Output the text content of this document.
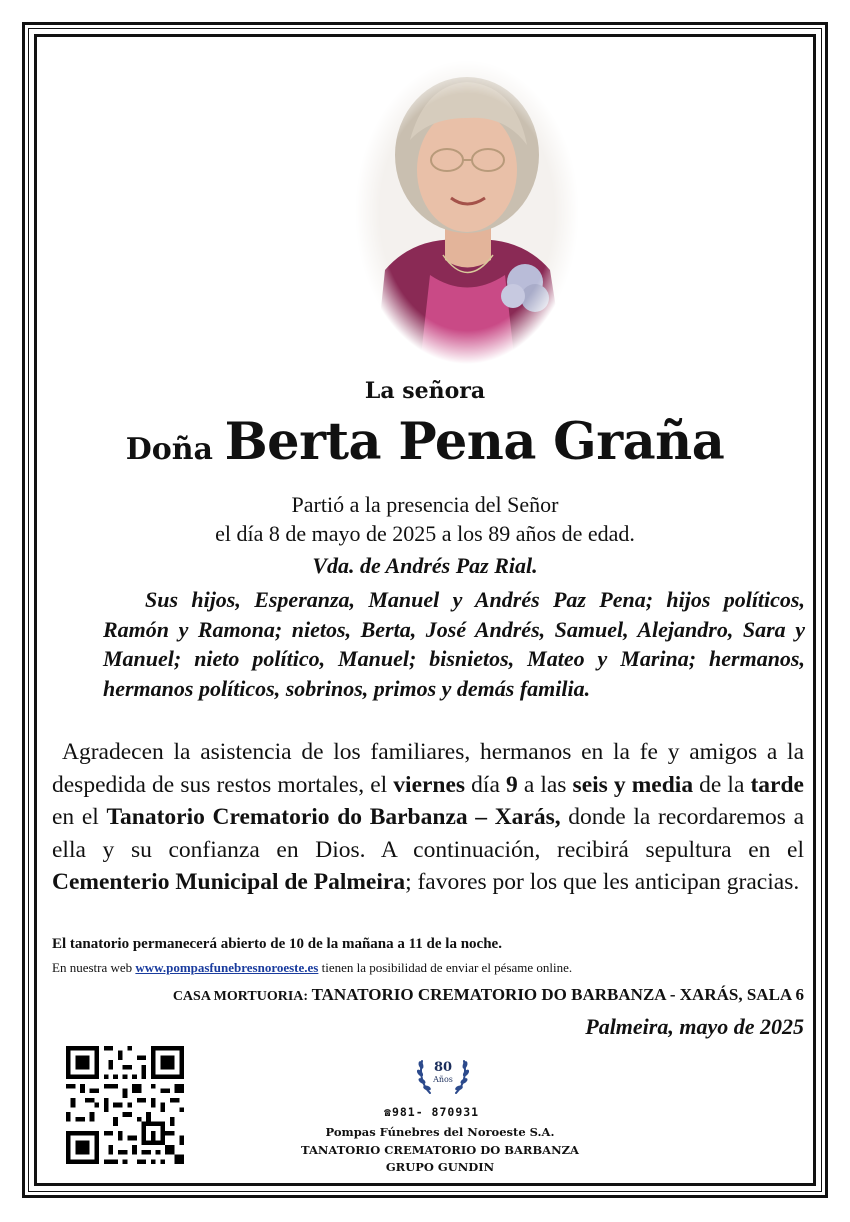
La señora
Doña Berta Pena Graña
Partió a la presencia del Señor
el día 8 de mayo de 2025 a los 89 años de edad.
Vda. de Andrés Paz Rial.
Sus hijos, Esperanza, Manuel y Andrés Paz Pena; hijos políticos, Ramón y Ramona; nietos, Berta, José Andrés, Samuel, Alejandro, Sara y Manuel; nieto político, Manuel; bisnietos, Mateo y Marina; hermanos, hermanos políticos, sobrinos, primos y demás familia.
Agradecen la asistencia de los familiares, hermanos en la fe y amigos a la despedida de sus restos mortales, el viernes día 9 a las seis y media de la tarde en el Tanatorio Crematorio do Barbanza – Xarás, donde la recordaremos a ella y su confianza en Dios. A continuación, recibirá sepultura en el Cementerio Municipal de Palmeira; favores por los que les anticipan gracias.
El tanatorio permanecerá abierto de 10 de la mañana a 11 de la noche.
En nuestra web www.pompasfunebresnoroeste.es tienen la posibilidad de enviar el pésame online.
CASA MORTUORIA: TANATORIO CREMATORIO DO BARBANZA - XARÁS, SALA 6
Palmeira, mayo de 2025
80
Años
☎981- 870931
Pompas Fúnebres del Noroeste S.A.
TANATORIO CREMATORIO DO BARBANZA
GRUPO GUNDIN
